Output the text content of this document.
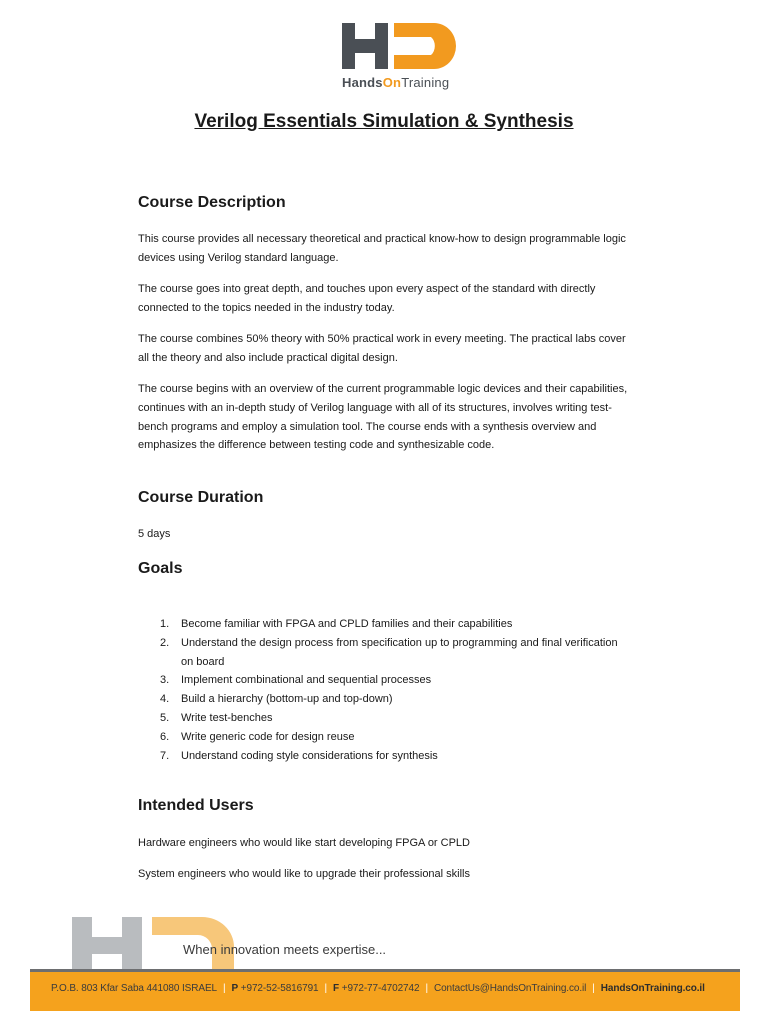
HandsOnTraining
Verilog Essentials Simulation & Synthesis
Course Description

This course provides all necessary theoretical and practical know-how to design programmable logic devices using Verilog standard language.

The course goes into great depth, and touches upon every aspect of the standard with directly connected to the topics needed in the industry today.

The course combines 50% theory with 50% practical work in every meeting. The practical labs cover all the theory and also include practical digital design.

The course begins with an overview of the current programmable logic devices and their capabilities, continues with an in-depth study of Verilog language with all of its structures, involves writing test-bench programs and employ a simulation tool. The course ends with a synthesis overview and emphasizes the difference between testing code and synthesizable code.

Course Duration

5 days

Goals
1. Become familiar with FPGA and CPLD families and their capabilities
2. Understand the design process from specification up to programming and final verification on board
3. Implement combinational and sequential processes
4. Build a hierarchy (bottom-up and top-down)
5. Write test-benches
6. Write generic code for design reuse
7. Understand coding style considerations for synthesis
Intended Users

Hardware engineers who would like start developing FPGA or CPLD

System engineers who would like to upgrade their professional skills

When innovation meets expertise...
P.O.B. 803 Kfar Saba 441080 ISRAEL | P +972-52-5816791 | F +972-77-4702742 | ContactUs@HandsOnTraining.co.il | HandsOnTraining.co.il
